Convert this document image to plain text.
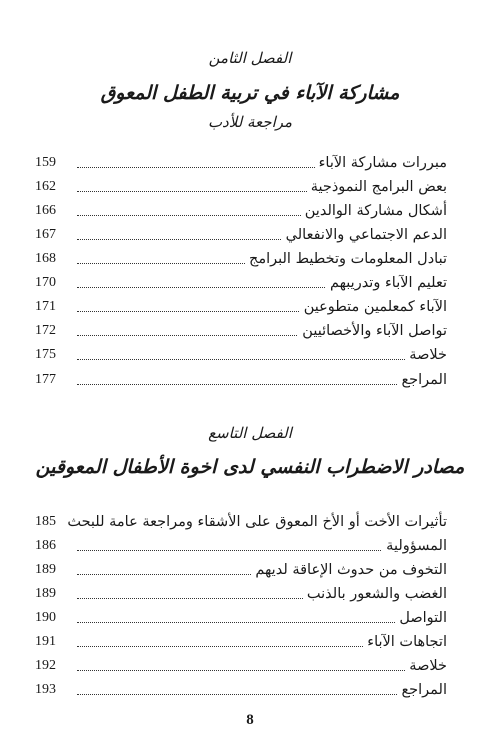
الفصل الثامن
مشاركة الآباء في تربية الطفل المعوق
مراجعة للأدب
مبررات مشاركة الآباء
159
بعض البرامج النموذجية
162
أشكال مشاركة الوالدين
166
الدعم الاجتماعي والانفعالي
167
تبادل المعلومات وتخطيط البرامج
168
تعليم الآباء وتدريبهم
170
الآباء كمعلمين متطوعين
171
تواصل الآباء والأخصائيين
172
خلاصة
175
المراجع
177
الفصل التاسع
مصادر الاضطراب النفسي لدى اخوة الأطفال المعوقين
تأثيرات الأخت أو الأخ المعوق على الأشقاء ومراجعة عامة للبحث
185
المسؤولية
186
التخوف من حدوث الإعاقة لديهم
189
الغضب والشعور بالذنب
189
التواصل
190
اتجاهات الآباء
191
خلاصة
192
المراجع
193
8
